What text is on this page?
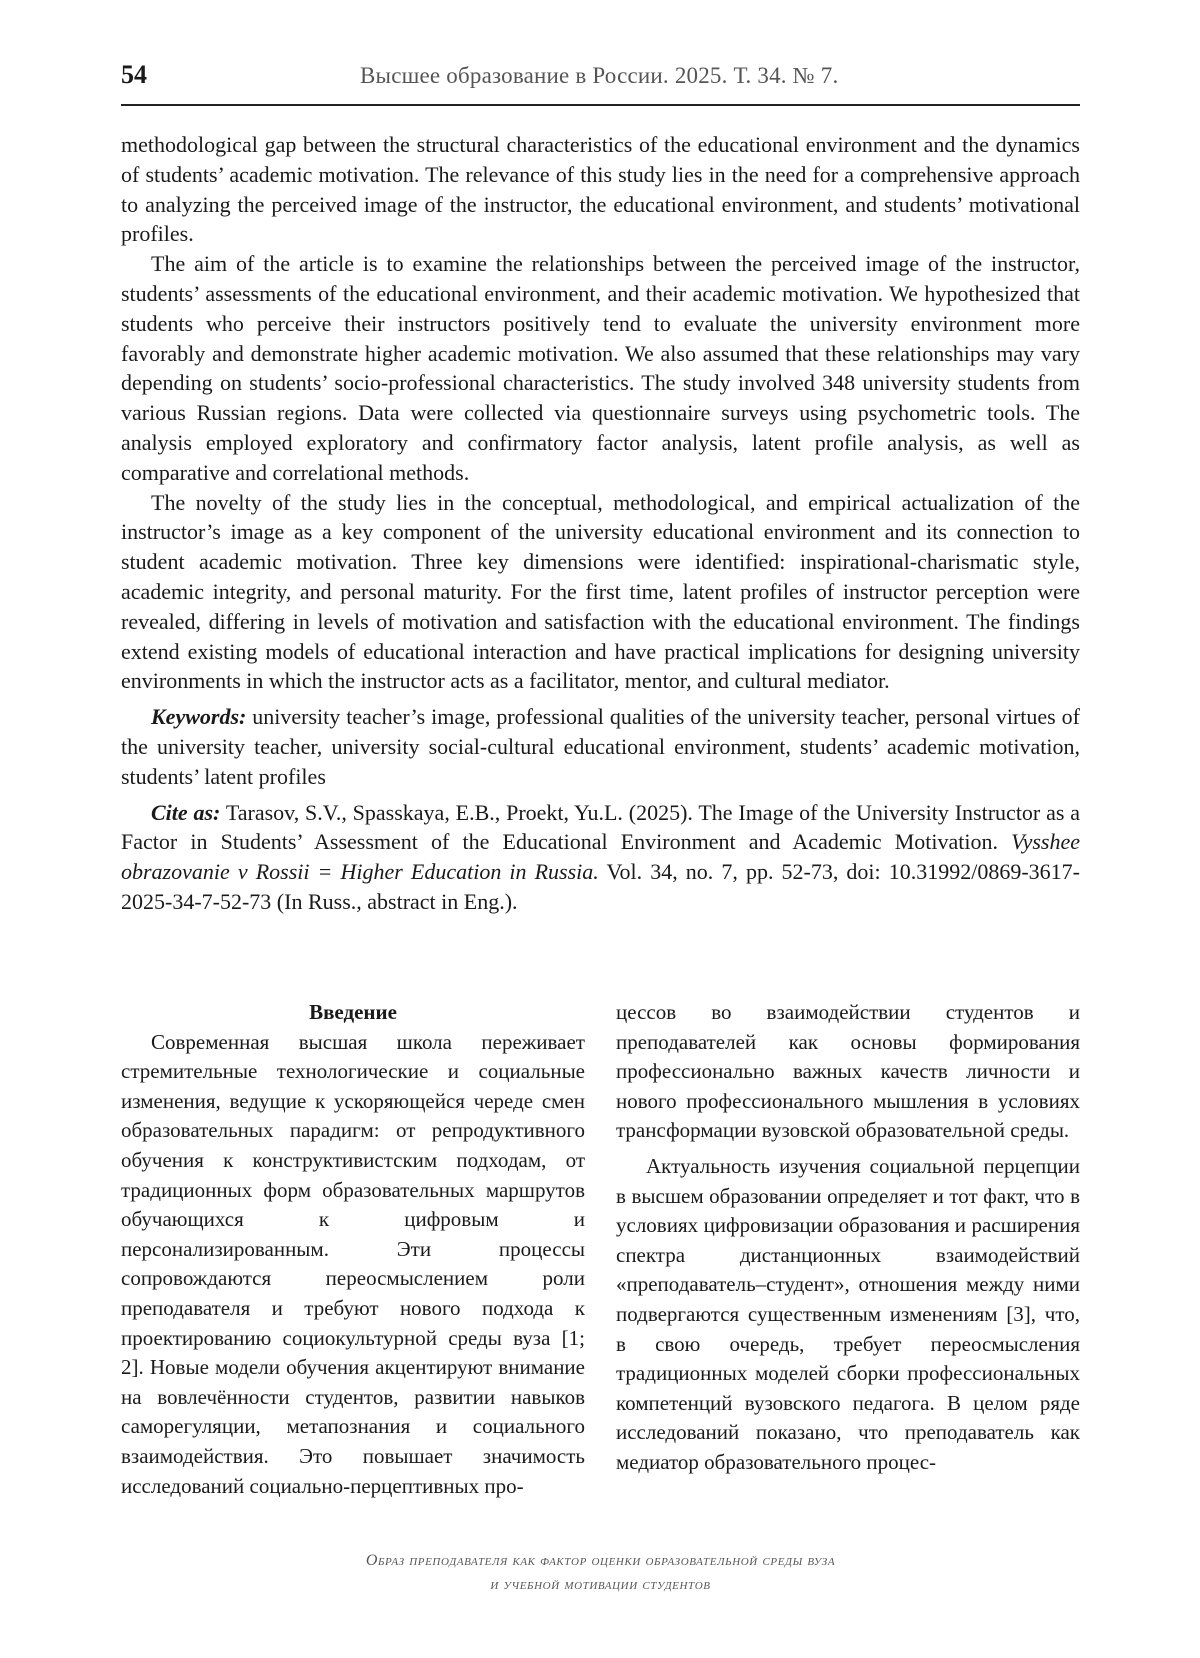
54	Высшее образование в России. 2025. Т. 34. № 7.

methodological gap between the structural characteristics of the educational environment and the dynamics of students’ academic motivation. The relevance of this study lies in the need for a comprehensive approach to analyzing the perceived image of the instructor, the educational environment, and students’ motivational profiles.

The aim of the article is to examine the relationships between the perceived image of the instructor, students’ assessments of the educational environment, and their academic motivation. We hypothesized that students who perceive their instructors positively tend to evaluate the university environment more favorably and demonstrate higher academic motivation. We also assumed that these relationships may vary depending on students’ socio-professional characteristics. The study involved 348 university students from various Russian regions. Data were collected via questionnaire surveys using psychometric tools. The analysis employed exploratory and confirmatory factor analysis, latent profile analysis, as well as comparative and correlational methods.

The novelty of the study lies in the conceptual, methodological, and empirical actualization of the instructor’s image as a key component of the university educational environment and its connection to student academic motivation. Three key dimensions were identified: inspirational-charismatic style, academic integrity, and personal maturity. For the first time, latent profiles of instructor perception were revealed, differing in levels of motivation and satisfaction with the educational environment. The findings extend existing models of educational interaction and have practical implications for designing university environments in which the instructor acts as a facilitator, mentor, and cultural mediator.

Keywords: university teacher’s image, professional qualities of the university teacher, personal virtues of the university teacher, university social-cultural educational environment, students’ academic motivation, students’ latent profiles

Cite as: Tarasov, S.V., Spasskaya, E.B., Proekt, Yu.L. (2025). The Image of the University Instructor as a Factor in Students’ Assessment of the Educational Environment and Academic Motivation. Vysshee obrazovanie v Rossii = Higher Education in Russia. Vol. 34, no. 7, pp. 52-73, doi: 10.31992/0869-3617-2025-34-7-52-73 (In Russ., abstract in Eng.).

Введение

Современная высшая школа переживает стремительные технологические и социальные изменения, ведущие к ускоряющейся череде смен образовательных парадигм: от репродуктивного обучения к конструктивистским подходам, от традиционных форм образовательных маршрутов обучающихся к цифровым и персонализированным. Эти процессы сопровождаются переосмыслением роли преподавателя и требуют нового подхода к проектированию социокультурной среды вуза [1; 2]. Новые модели обучения акцентируют внимание на вовлечённости студентов, развитии навыков саморегуляции, метапознания и социального взаимодействия. Это повышает значимость исследований социально-перцептивных про-

цессов во взаимодействии студентов и преподавателей как основы формирования профессионально важных качеств личности и нового профессионального мышления в условиях трансформации вузовской образовательной среды.

Актуальность изучения социальной перцепции в высшем образовании определяет и тот факт, что в условиях цифровизации образования и расширения спектра дистанционных взаимодействий «преподаватель–студент», отношения между ними подвергаются существенным изменениям [3], что, в свою очередь, требует переосмысления традиционных моделей сборки профессиональных компетенций вузовского педагога. В целом ряде исследований показано, что преподаватель как медиатор образовательного процес-

Образ преподавателя как фактор оценки образовательной среды вуза
и учебной мотивации студентов
